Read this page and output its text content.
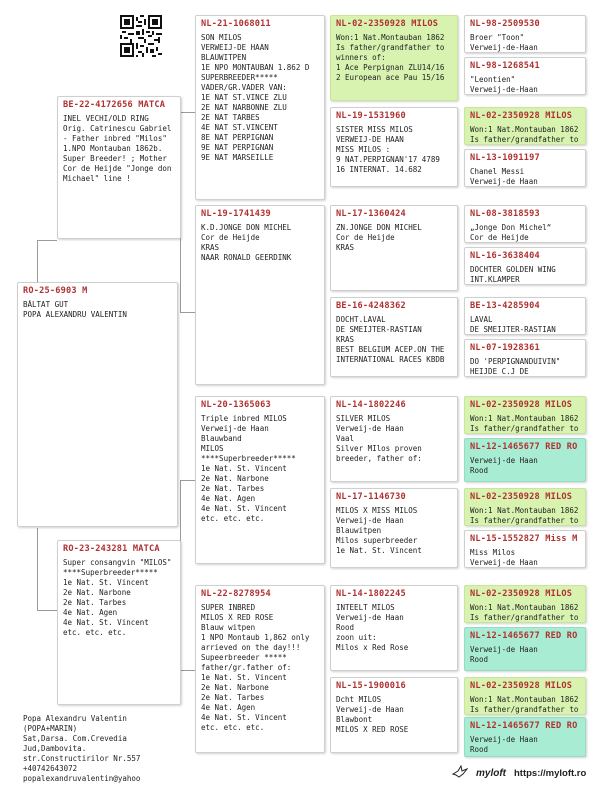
RO-25-6903 M
BĂLTAT GUT
POPA ALEXANDRU VALENTIN
BE-22-4172656 MATCA
INEL VECHI/OLD RING
Orig. Catrinescu Gabriel
- Father inbred "Milos"
1.NPO Montauban 1862b.
Super Breeder! ; Mother
Cor de Heijde "Jonge don
Michael" line !
RO-23-243281 MATCA
Super consangvin "MILOS"
****Superbreeder*****
1e Nat. St. Vincent
2e Nat. Narbone
2e Nat. Tarbes
4e Nat. Agen
4e Nat. St. Vincent
etc. etc. etc.
NL-21-1068011
SON MILOS
VERWEIJ-DE HAAN
BLAUWITPEN
1E NPO MONTAUBAN 1.862 D
SUPERBREEDER*****
VADER/GR.VADER VAN:
1E NAT ST.VINCE ZLU
2E NAT NARBONNE ZLU
2E NAT TARBES
4E NAT ST.VINCENT
8E NAT PERPIGNAN
9E NAT PERPIGNAN
9E NAT MARSEILLE
NL-19-1741439
K.D.JONGE DON MICHEL
Cor de Heijde
KRAS
NAAR RONALD GEERDINK
NL-20-1365063
Triple inbred MILOS
Verweij-de Haan
Blauwband
MILOS
****Superbreeder*****
1e Nat. St. Vincent
2e Nat. Narbone
2e Nat. Tarbes
4e Nat. Agen
4e Nat. St. Vincent
etc. etc. etc.
NL-22-8278954
SUPER INBRED
MILOS X RED ROSE
Blauw witpen
1 NPO Montaub 1,862 only
arrieved on the day!!!
Supeerbreeder *****
father/gr.father of:
1e Nat. St. Vincent
2e Nat. Narbone
2e Nat. Tarbes
4e Nat. Agen
4e Nat. St. Vincent
etc. etc. etc.
NL-02-2350928 MILOS
Won:1 Nat.Montauban 1862
Is father/grandfather to
winners of:
1 Ace Perpignan ZLU14/16
2 European ace Pau 15/16
NL-19-1531960
SISTER MISS MILOS
VERWEIJ-DE HAAN
MISS MILOS :
9 NAT.PERPIGNAN'17 4789
16 INTERNAT. 14.682
NL-17-1360424
ZN.JONGE DON MICHEL
Cor de Heijde
KRAS
BE-16-4248362
DOCHT.LAVAL
DE SMEIJTER-RASTIAN
KRAS
BEST BELGIUM ACEP.ON THE
INTERNATIONAL RACES KBDB
NL-14-1802246
SILVER MILOS
Verweij-de Haan
Vaal
Silver MIlos proven
breeder, father of:
NL-17-1146730
MILOS X MISS MILOS
Verweij-de Haan
Blauwitpen
Milos superbreeder
1e Nat. St. Vincent
NL-14-1802245
INTEELT MILOS
Verweij-de Haan
Rood
zoon uit:
Milos x Red Rose
NL-15-1900016
Dcht MILOS
Verweij-de Haan
Blawbont
MILOS X RED ROSE
NL-98-2509530
Broer "Toon"
Verweij-de-Haan
NL-98-1268541
"Leontien"
Verweij-de-Haan
NL-02-2350928 MILOS
Won:1 Nat.Montauban 1862
Is father/grandfather to
NL-13-1091197
Chanel Messi
Verweij-de Haan
NL-08-3818593
„Jonge Don Michel“
Cor de Heijde
NL-16-3638404
DOCHTER GOLDEN WING
INT.KLAMPER
BE-13-4285904
LAVAL
DE SMEIJTER-RASTIAN
NL-07-1928361
DO 'PERPIGNANDUIVIN"
HEIJDE C.J DE
NL-02-2350928 MILOS
Won:1 Nat.Montauban 1862
Is father/grandfather to
NL-12-1465677 RED RO
Verweij-de Haan
Rood
NL-02-2350928 MILOS
Won:1 Nat.Montauban 1862
Is father/grandfather to
NL-15-1552827 Miss M
Miss Milos
Verweij-de Haan
NL-02-2350928 MILOS
Won:1 Nat.Montauban 1862
Is father/grandfather to
NL-12-1465677 RED RO
Verweij-de Haan
Rood
NL-02-2350928 MILOS
Won:1 Nat.Montauban 1862
Is father/grandfather to
NL-12-1465677 RED RO
Verweij-de Haan
Rood
Popa Alexandru Valentin
(POPA+MARIN)
Sat,Darsa. Com.Crevedia
Jud,Dambovita.
str.Constructirilor Nr.557
+40742643072
popalexandruvalentin@yahoo	myloft https://myloft.ro
